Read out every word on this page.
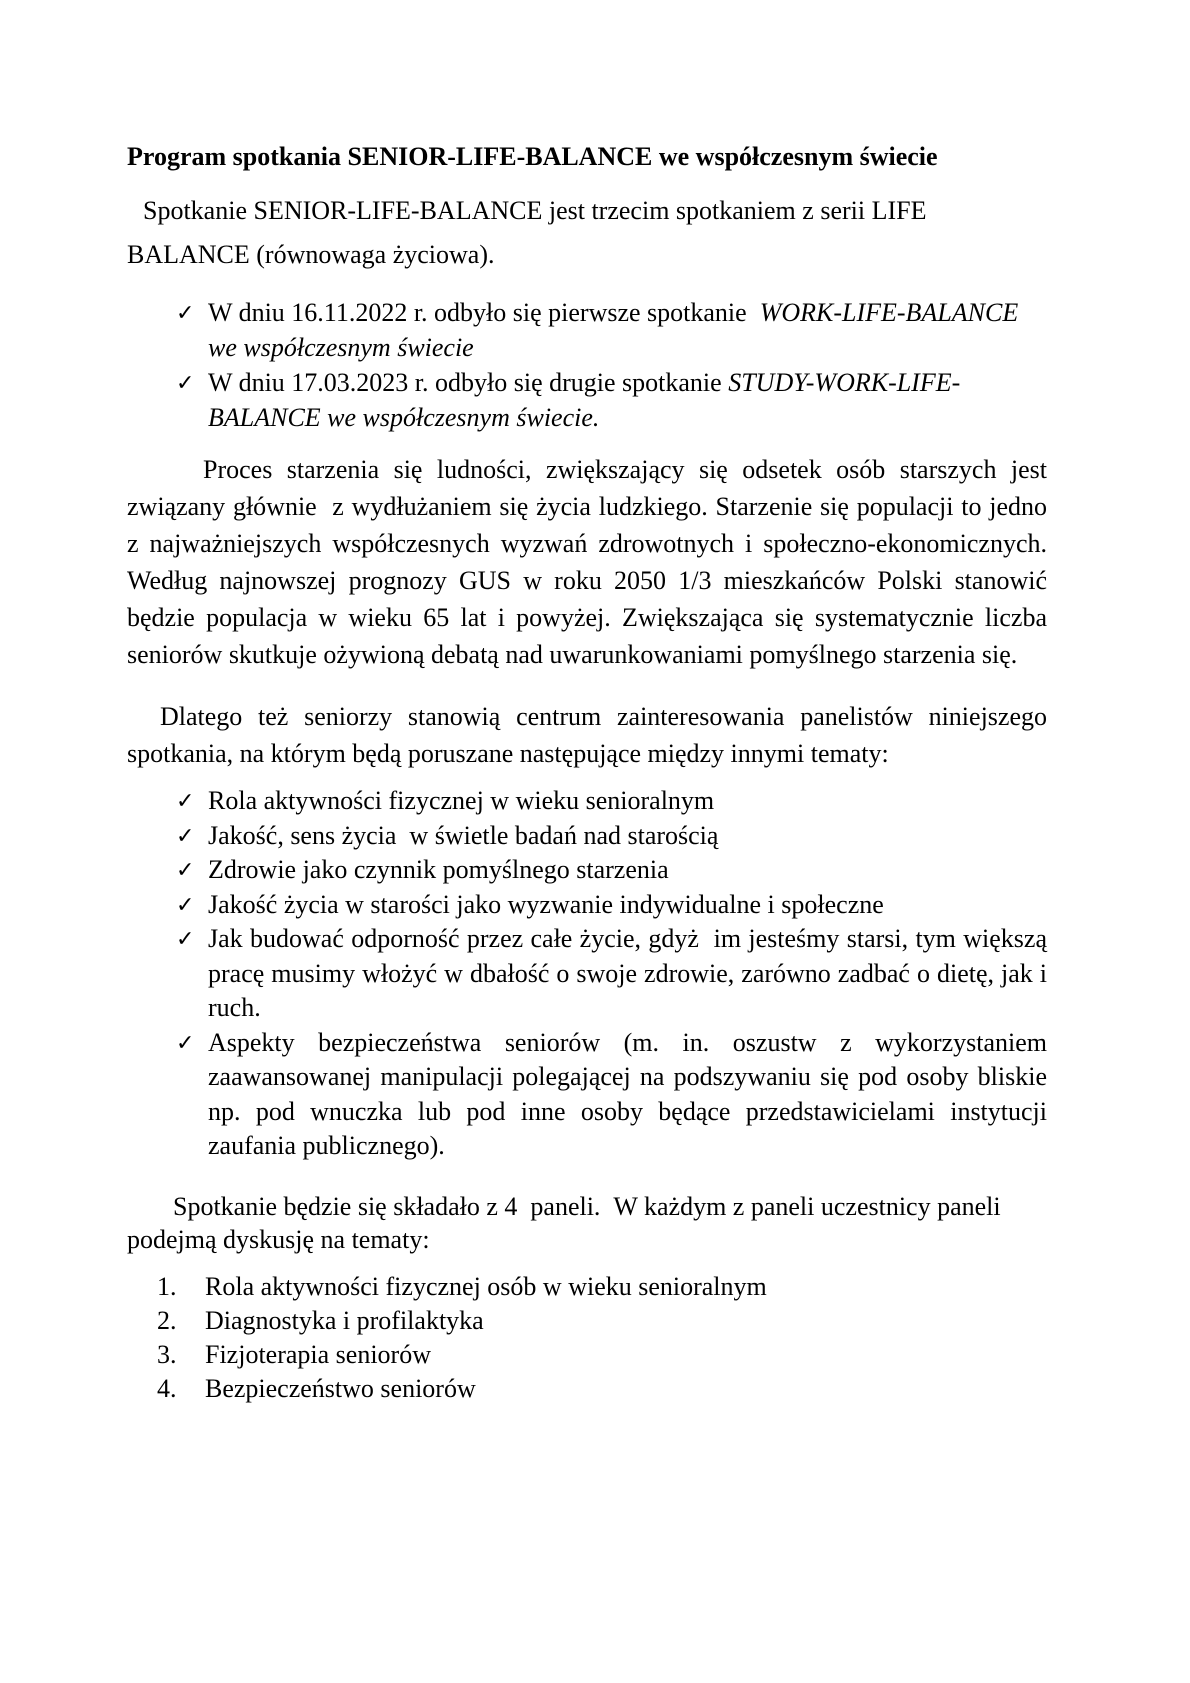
Program spotkania SENIOR-LIFE-BALANCE we współczesnym świecie

Spotkanie SENIOR-LIFE-BALANCE jest trzecim spotkaniem z serii LIFE BALANCE (równowaga życiowa).

✓ W dniu 16.11.2022 r. odbyło się pierwsze spotkanie  WORK-LIFE-BALANCE we współczesnym świecie
✓ W dniu 17.03.2023 r. odbyło się drugie spotkanie STUDY-WORK-LIFE-BALANCE we współczesnym świecie.

Proces starzenia się ludności, zwiększający się odsetek osób starszych jest związany głównie  z wydłużaniem się życia ludzkiego. Starzenie się populacji to jedno z najważniejszych współczesnych wyzwań zdrowotnych i społeczno-ekonomicznych. Według najnowszej prognozy GUS w roku 2050 1/3 mieszkańców Polski stanowić będzie populacja w wieku 65 lat i powyżej. Zwiększająca się systematycznie liczba seniorów skutkuje ożywioną debatą nad uwarunkowaniami pomyślnego starzenia się.

Dlatego też seniorzy stanowią centrum zainteresowania panelistów niniejszego spotkania, na którym będą poruszane następujące między innymi tematy:

✓ Rola aktywności fizycznej w wieku senioralnym
✓ Jakość, sens życia  w świetle badań nad starością
✓ Zdrowie jako czynnik pomyślnego starzenia
✓ Jakość życia w starości jako wyzwanie indywidualne i społeczne
✓ Jak budować odporność przez całe życie, gdyż  im jesteśmy starsi, tym większą pracę musimy włożyć w dbałość o swoje zdrowie, zarówno zadbać o dietę, jak i ruch.
✓ Aspekty bezpieczeństwa seniorów (m. in. oszustw z wykorzystaniem zaawansowanej manipulacji polegającej na podszywaniu się pod osoby bliskie np. pod wnuczka lub pod inne osoby będące przedstawicielami instytucji zaufania publicznego).

Spotkanie będzie się składało z 4  paneli.  W każdym z paneli uczestnicy paneli podejmą dyskusję na tematy:

1. Rola aktywności fizycznej osób w wieku senioralnym
2. Diagnostyka i profilaktyka
3. Fizjoterapia seniorów
4. Bezpieczeństwo seniorów
